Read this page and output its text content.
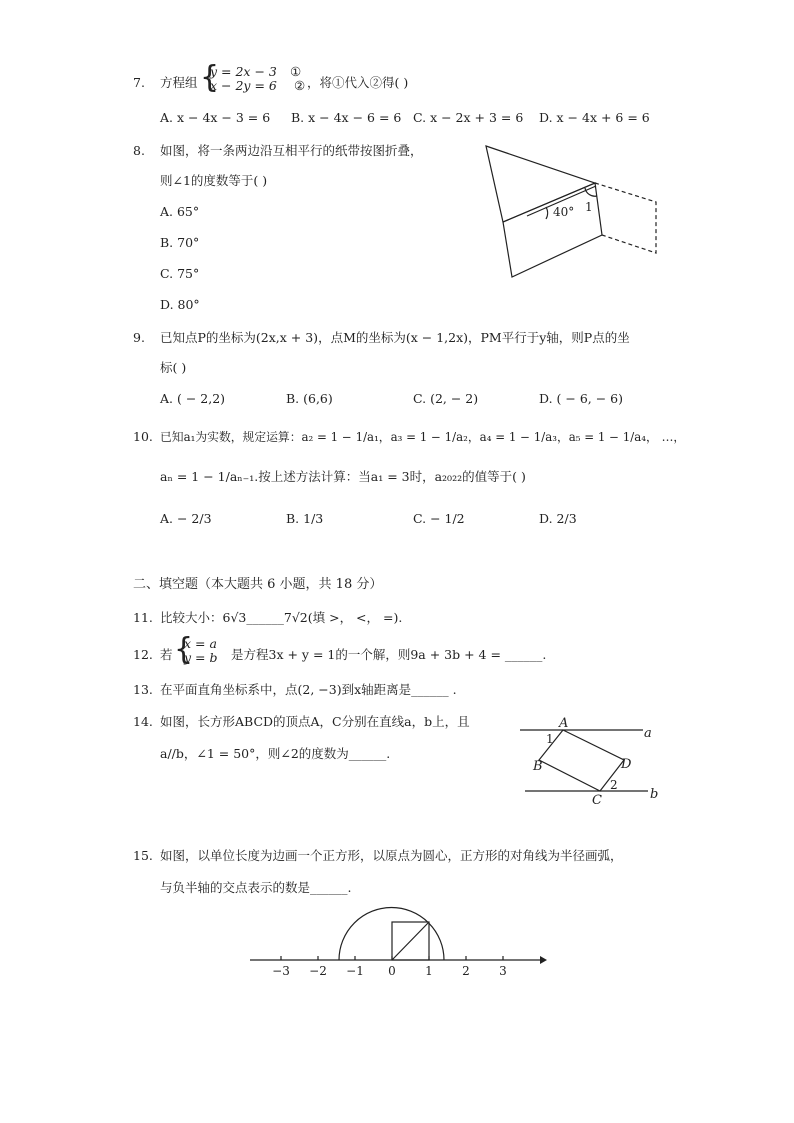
7. 方程组 {
y = 2x − 3
x − 2y = 6
①
② ，将①代入②得( )
A. x − 4x − 3 = 6 B. x − 4x − 6 = 6 C. x − 2x + 3 = 6 D. x − 4x + 6 = 6
8. 如图，将一条两边沿互相平行的纸带按图折叠，
则∠1的度数等于( )
A. 65°
B. 70°
C. 75°
D. 80°
40° 1
9. 已知点P的坐标为(2x,x + 3)，点M的坐标为(x − 1,2x)，PM平行于y轴，则P点的坐
标( )
A. ( − 2,2)	B. (6,6)	C. (2, − 2)	D. ( − 6, − 6)
10. 已知a₁为实数，规定运算：a₂ = 1 − 1/a₁，a₃ = 1 − 1/a₂，a₄ = 1 − 1/a₃，a₅ = 1 − 1/a₄， …，
aₙ = 1 − 1/aₙ₋₁.按上述方法计算：当a₁ = 3时，a₂₀₂₂的值等于( )
A. − 2/3	B. 1/3	C. − 1/2	D. 2/3
二、填空题（本大题共 6 小题，共 18 分）
11. 比较大小：6√3______7√2(填 >， <， =).
12. 若 {
x = a
y = b 是方程3x + y = 1的一个解，则9a + 3b + 4 = ______.
13. 在平面直角坐标系中，点(2, −3)到x轴距离是______ .
14. 如图，长方形ABCD的顶点A，C分别在直线a，b上，且
a//b，∠1 = 50°，则∠2的度数为______.
A
1	a
B	D
2
C	b
15. 如图，以单位长度为边画一个正方形，以原点为圆心，正方形的对角线为半径画弧，
与负半轴的交点表示的数是______.
−3 −2 −1 0 1 2 3
